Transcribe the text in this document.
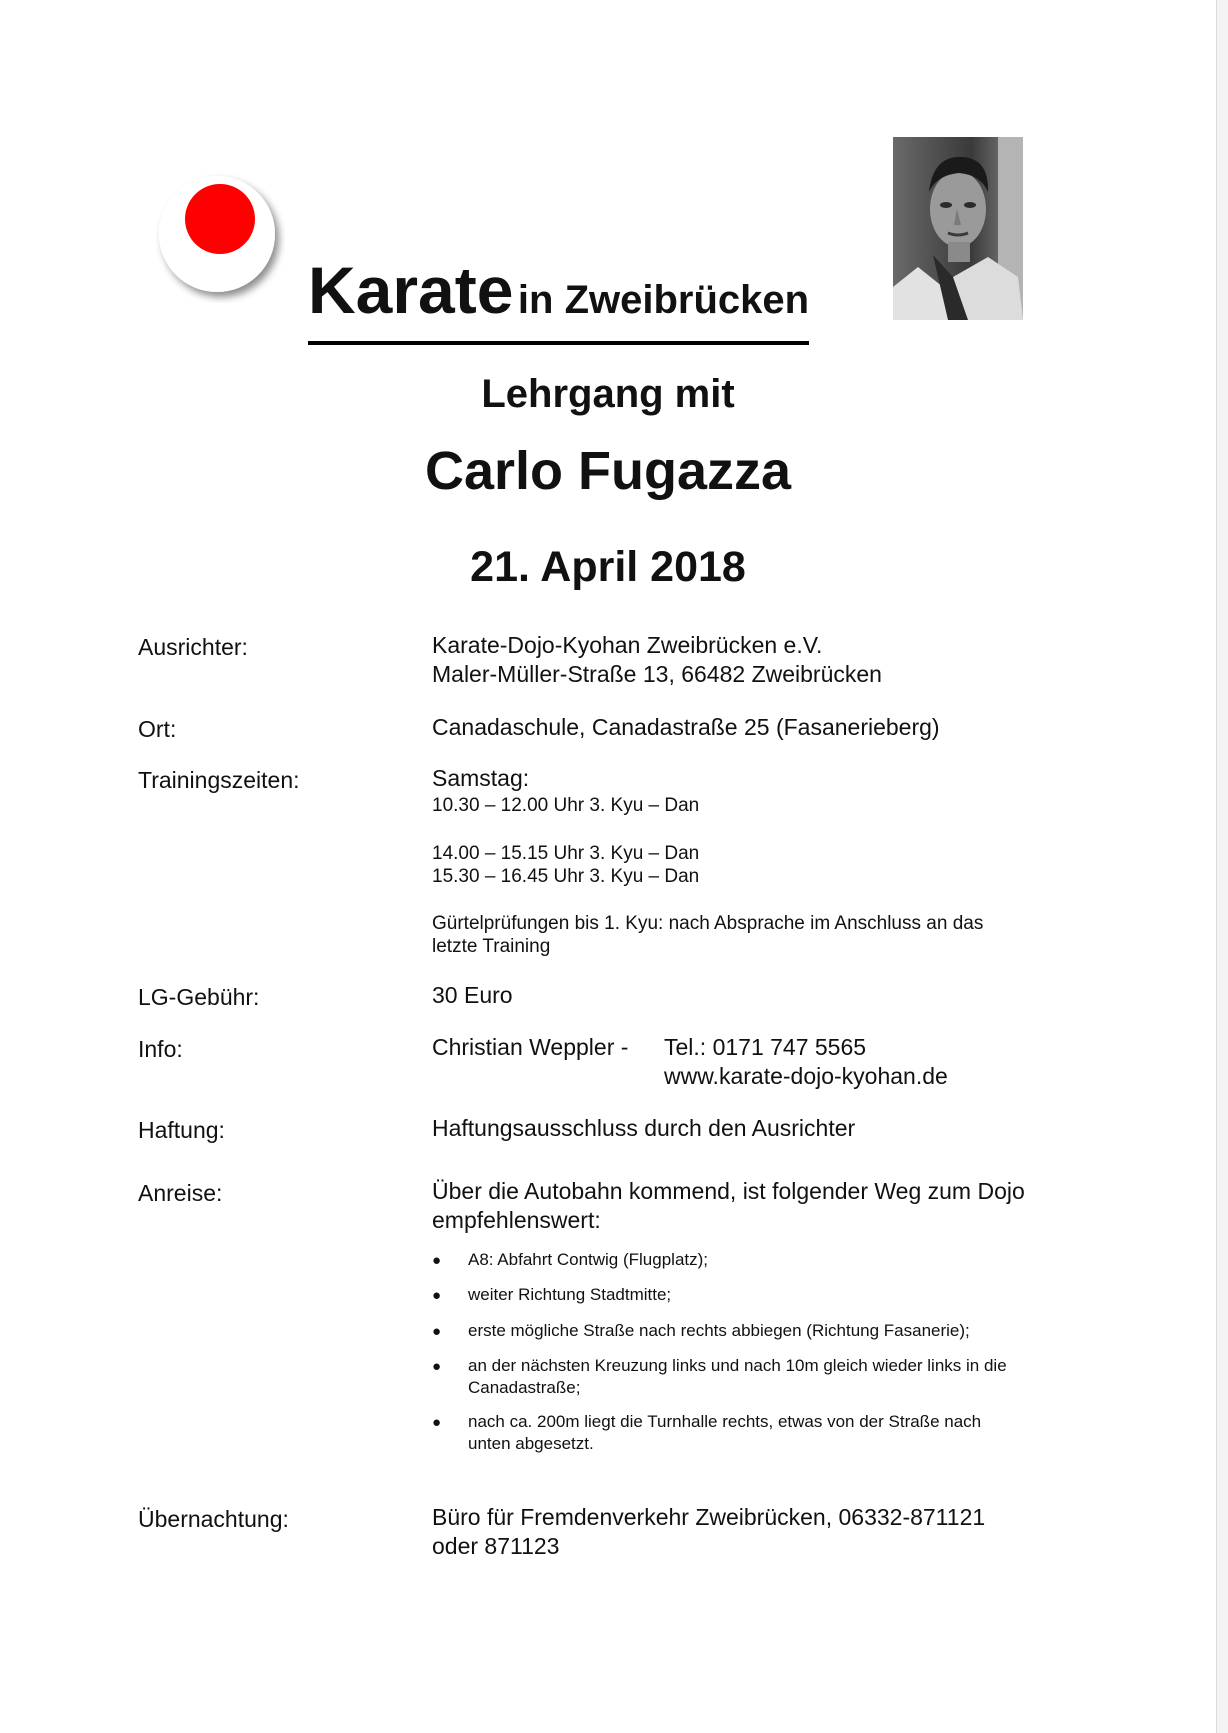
Karate in Zweibrücken
Lehrgang mit
Carlo Fugazza
21. April 2018
Ausrichter:	Karate-Dojo-Kyohan Zweibrücken e.V.
Maler-Müller-Straße 13, 66482 Zweibrücken
Ort:	Canadaschule, Canadastraße 25 (Fasanerieberg)
Trainingszeiten:	Samstag:
10.30 – 12.00 Uhr 3. Kyu – Dan
14.00 – 15.15 Uhr 3. Kyu – Dan
15.30 – 16.45 Uhr 3. Kyu – Dan
Gürtelprüfungen bis 1. Kyu: nach Absprache im Anschluss an das
letzte Training
LG-Gebühr:	30 Euro
Info:	Christian Weppler - Tel.: 0171 747 5565
www.karate-dojo-kyohan.de
Haftung:	Haftungsausschluss durch den Ausrichter
Anreise:	Über die Autobahn kommend, ist folgender Weg zum Dojo
empfehlenswert:
● A8: Abfahrt Contwig (Flugplatz);
● weiter Richtung Stadtmitte;
● erste mögliche Straße nach rechts abbiegen (Richtung Fasanerie);
● an der nächsten Kreuzung links und nach 10m gleich wieder links in die
Canadastraße;
● nach ca. 200m liegt die Turnhalle rechts, etwas von der Straße nach
unten abgesetzt.
Übernachtung:	Büro für Fremdenverkehr Zweibrücken, 06332-871121
oder 871123
